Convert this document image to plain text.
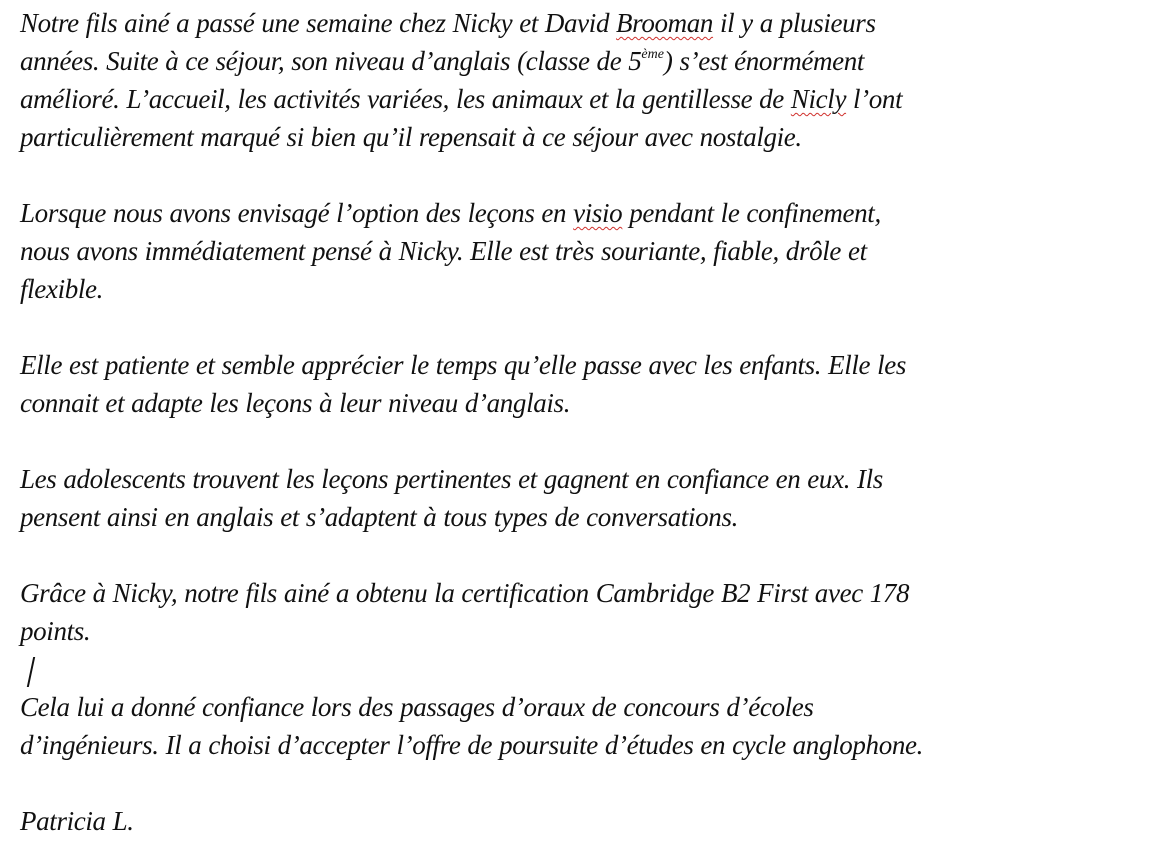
Notre fils ainé a passé une semaine chez Nicky et David Brooman il y a plusieurs
années. Suite à ce séjour, son niveau d’anglais (classe de 5ème) s’est énormément
amélioré. L’accueil, les activités variées, les animaux et la gentillesse de Nicly l’ont
particulièrement marqué si bien qu’il repensait à ce séjour avec nostalgie.
Lorsque nous avons envisagé l’option des leçons en visio pendant le confinement,
nous avons immédiatement pensé à Nicky. Elle est très souriante, fiable, drôle et
flexible.
Elle est patiente et semble apprécier le temps qu’elle passe avec les enfants. Elle les
connait et adapte les leçons à leur niveau d’anglais.
Les adolescents trouvent les leçons pertinentes et gagnent en confiance en eux. Ils
pensent ainsi en anglais et s’adaptent à tous types de conversations.
Grâce à Nicky, notre fils ainé a obtenu la certification Cambridge B2 First avec 178
points.
Cela lui a donné confiance lors des passages d’oraux de concours d’écoles
d’ingénieurs. Il a choisi d’accepter l’offre de poursuite d’études en cycle anglophone.
Patricia L.
